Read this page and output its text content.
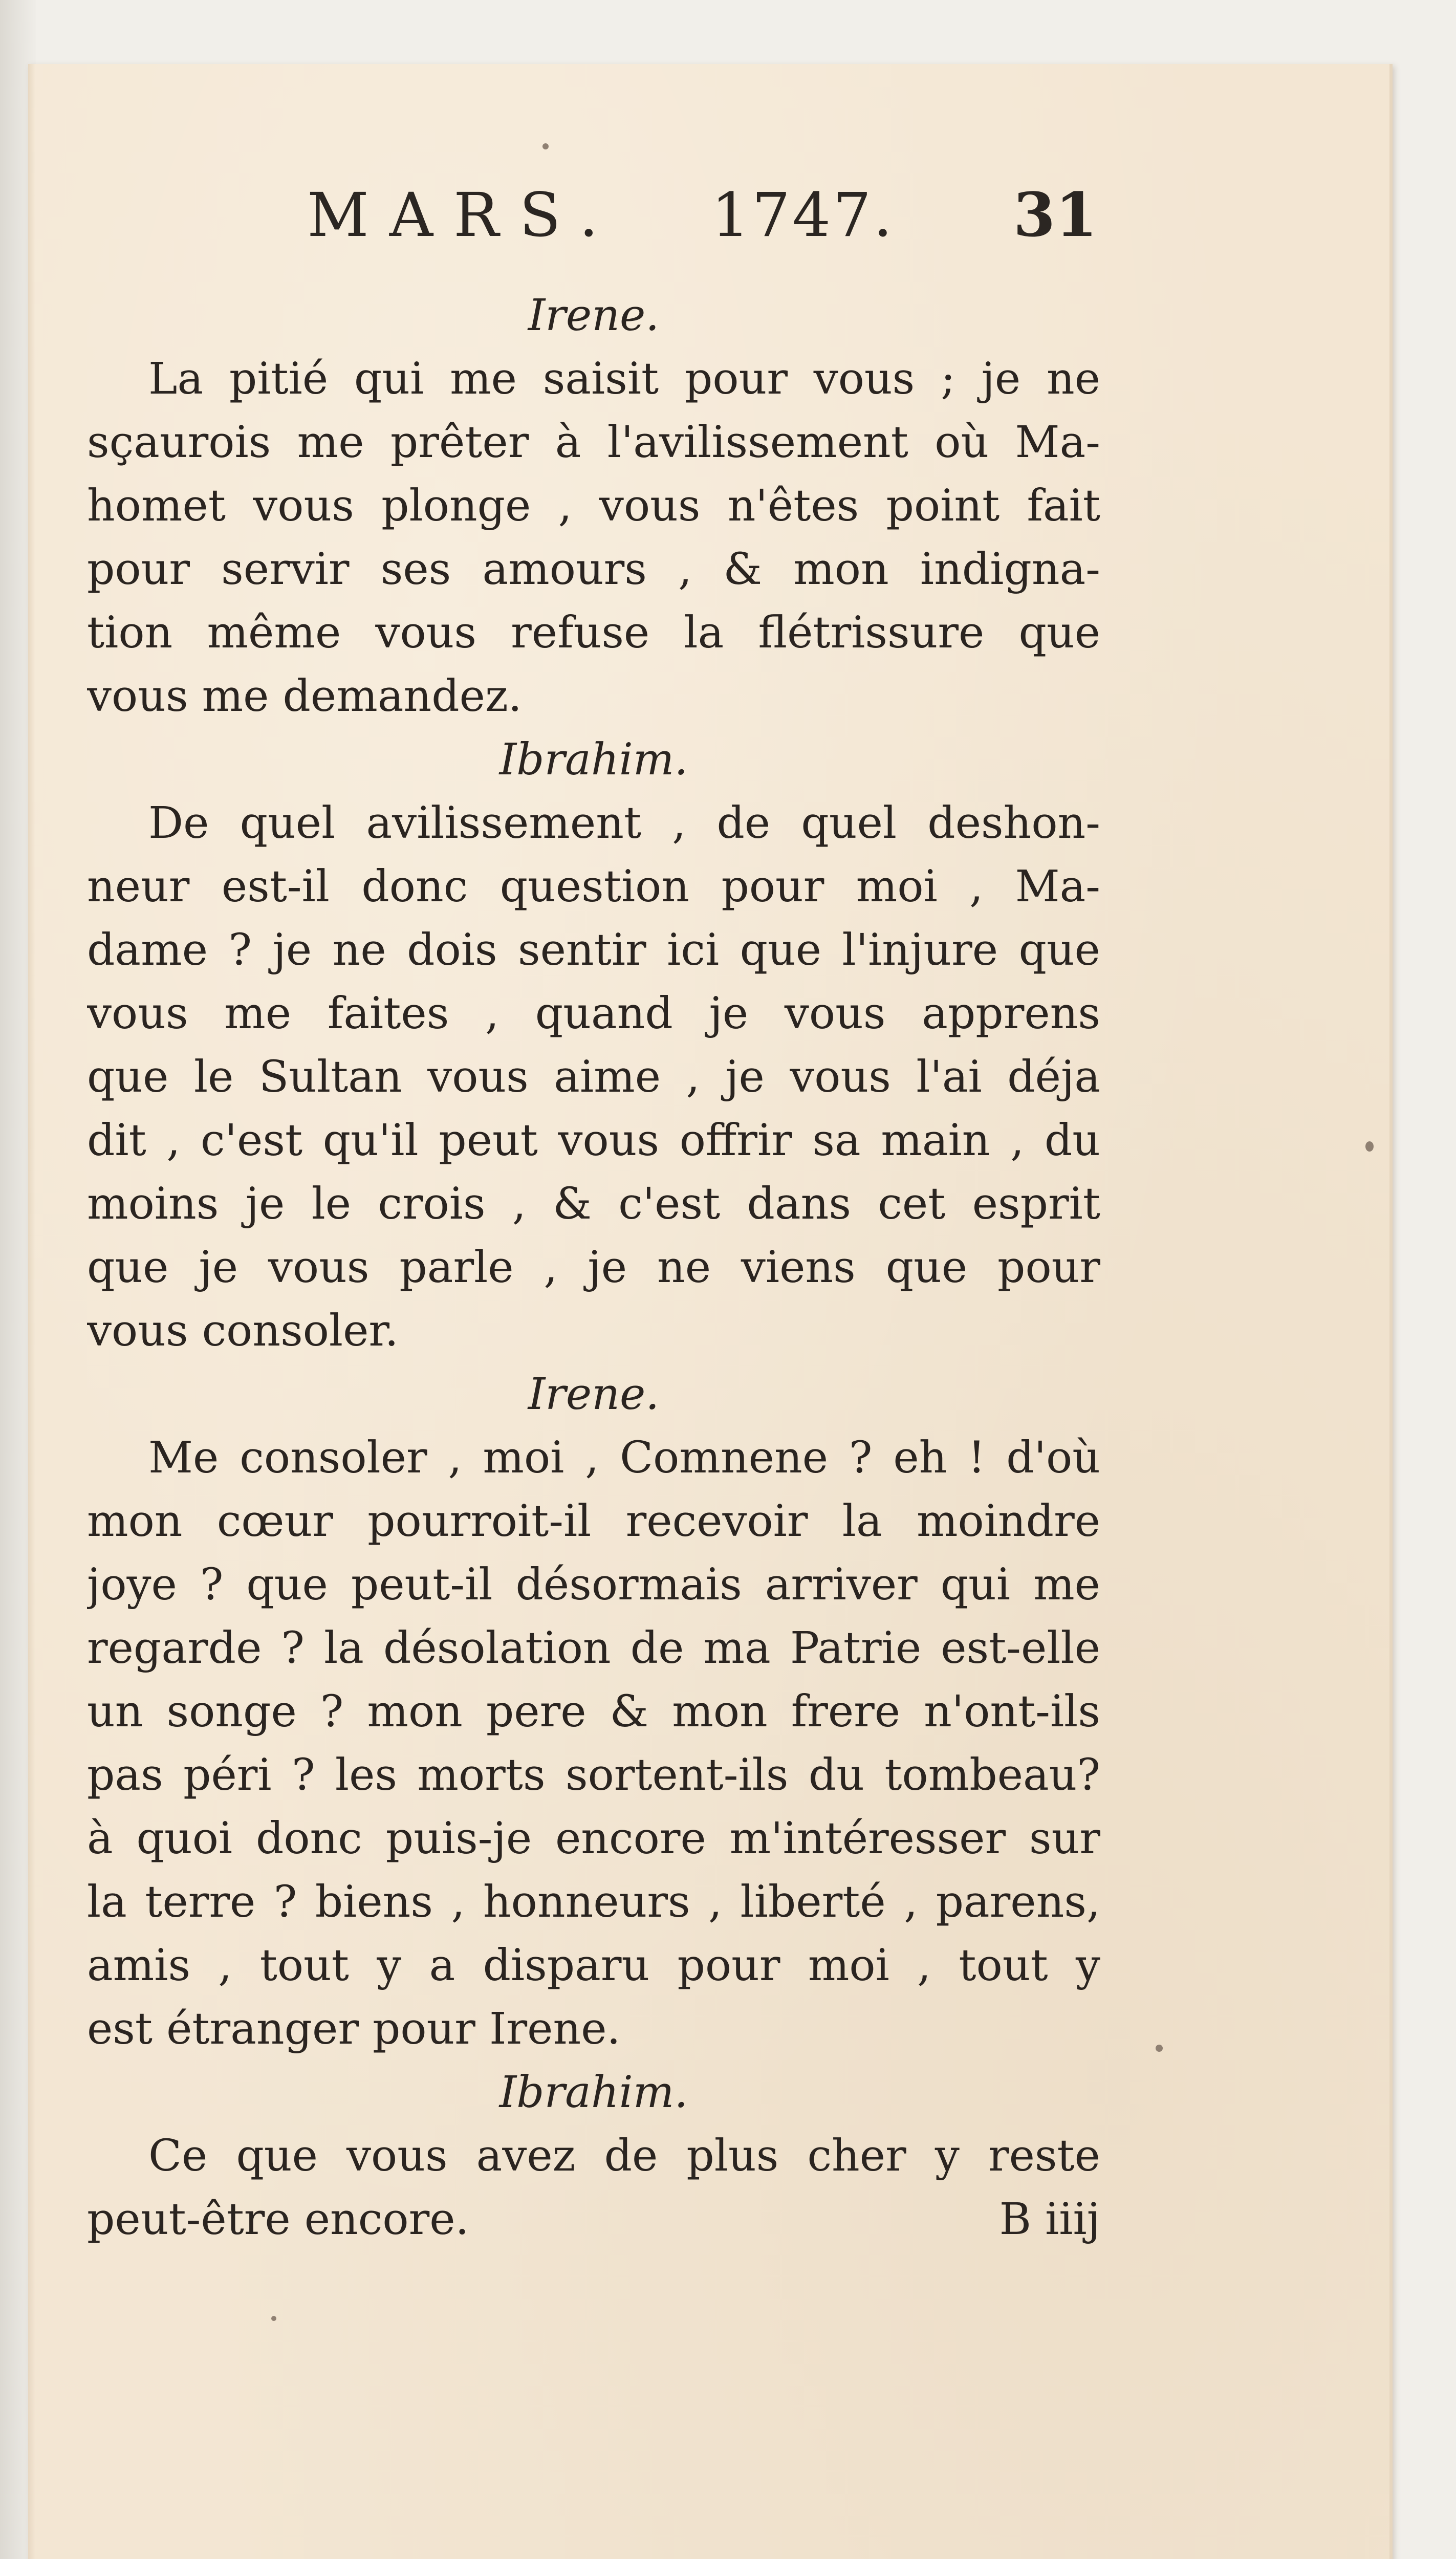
MARS. 1747. 31
Irene.
La pitié qui me saisit pour vous ; je ne
sçaurois me prêter à l'avilissement où Ma-
homet vous plonge , vous n'êtes point fait
pour servir ses amours , & mon indigna-
tion même vous refuse la flétrissure que
vous me demandez.
Ibrahim.
De quel avilissement , de quel deshon-
neur est-il donc question pour moi , Ma-
dame ? je ne dois sentir ici que l'injure que
vous me faites , quand je vous apprens
que le Sultan vous aime , je vous l'ai déja
dit , c'est qu'il peut vous offrir sa main , du
moins je le crois , & c'est dans cet esprit
que je vous parle , je ne viens que pour
vous consoler.
Irene.
Me consoler , moi , Comnene ? eh ! d'où
mon cœur pourroit-il recevoir la moindre
joye ? que peut-il désormais arriver qui me
regarde ? la désolation de ma Patrie est-elle
un songe ? mon pere & mon frere n'ont-ils
pas péri ? les morts sortent-ils du tombeau?
à quoi donc puis-je encore m'intéresser sur
la terre ? biens , honneurs , liberté , parens,
amis , tout y a disparu pour moi , tout y
est étranger pour Irene.
Ibrahim.
Ce que vous avez de plus cher y reste
peut-être encore.	B iiij
